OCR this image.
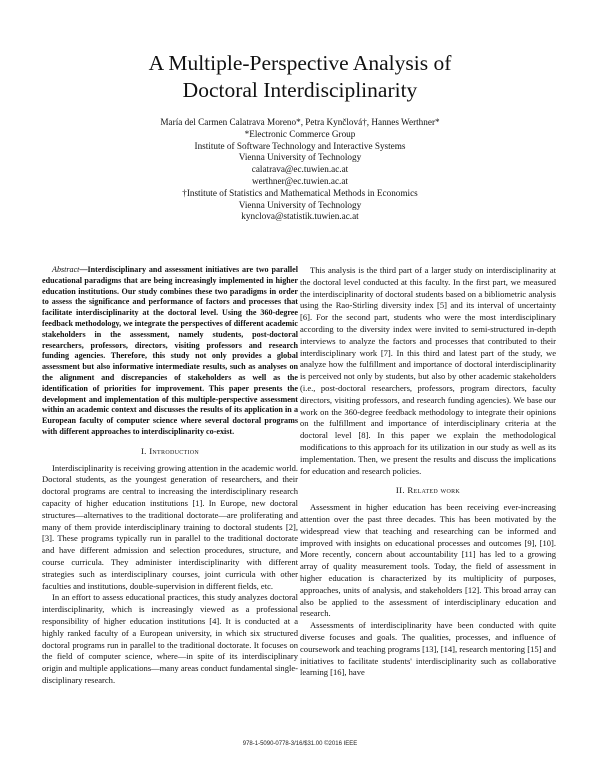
A Multiple-Perspective Analysis of
Doctoral Interdisciplinarity
María del Carmen Calatrava Moreno*, Petra Kynčlová†, Hannes Werthner*
*Electronic Commerce Group
Institute of Software Technology and Interactive Systems
Vienna University of Technology
calatrava@ec.tuwien.ac.at
werthner@ec.tuwien.ac.at
†Institute of Statistics and Mathematical Methods in Economics
Vienna University of Technology
kynclova@statistik.tuwien.ac.at
Abstract—Interdisciplinary and assessment initiatives are two parallel educational paradigms that are being increasingly implemented in higher education institutions. Our study combines these two paradigms in order to assess the significance and performance of factors and processes that facilitate interdisciplinarity at the doctoral level. Using the 360-degree feedback methodology, we integrate the perspectives of different academic stakeholders in the assessment, namely students, post-doctoral researchers, professors, directors, visiting professors and research funding agencies. Therefore, this study not only provides a global assessment but also informative intermediate results, such as analyses on the alignment and discrepancies of stakeholders as well as the identification of priorities for improvement. This paper presents the development and implementation of this multiple-perspective assessment within an academic context and discusses the results of its application in a European faculty of computer science where several doctoral programs with different approaches to interdisciplinarity co-exist.
I. Introduction

Interdisciplinarity is receiving growing attention in the academic world. Doctoral students, as the youngest generation of researchers, and their doctoral programs are central to increasing the interdisciplinary research capacity of higher education institutions [1]. In Europe, new doctoral structures—alternatives to the traditional doctorate—are proliferating and many of them provide interdisciplinary training to doctoral students [2], [3]. These programs typically run in parallel to the traditional doctorate and have different admission and selection procedures, structure, and course curricula. They administer interdisciplinarity with different strategies such as interdisciplinary courses, joint curricula with other faculties and institutions, double-supervision in different fields, etc.

In an effort to assess educational practices, this study analyzes doctoral interdisciplinarity, which is increasingly viewed as a professional responsibility of higher education institutions [4]. It is conducted at a highly ranked faculty of a European university, in which six structured doctoral programs run in parallel to the traditional doctorate. It focuses on the field of computer science, where—in spite of its interdisciplinary origin and multiple applications—many areas conduct fundamental single-disciplinary research.

This analysis is the third part of a larger study on interdisciplinarity at the doctoral level conducted at this faculty. In the first part, we measured the interdisciplinarity of doctoral students based on a bibliometric analysis using the Rao-Stirling diversity index [5] and its interval of uncertainty [6]. For the second part, students who were the most interdisciplinary according to the diversity index were invited to semi-structured in-depth interviews to analyze the factors and processes that contributed to their interdisciplinary work [7]. In this third and latest part of the study, we analyze how the fulfillment and importance of doctoral interdisciplinarity is perceived not only by students, but also by other academic stakeholders (i.e., post-doctoral researchers, professors, program directors, faculty directors, visiting professors, and research funding agencies). We base our work on the 360-degree feedback methodology to integrate their opinions on the fulfillment and importance of interdisciplinary criteria at the doctoral level [8]. In this paper we explain the methodological modifications to this approach for its utilization in our study as well as its implementation. Then, we present the results and discuss the implications for education and research policies.

II. Related work

Assessment in higher education has been receiving ever-increasing attention over the past three decades. This has been motivated by the widespread view that teaching and researching can be informed and improved with insights on educational processes and outcomes [9], [10]. More recently, concern about accountability [11] has led to a growing array of quality measurement tools. Today, the field of assessment in higher education is characterized by its multiplicity of purposes, approaches, units of analysis, and stakeholders [12]. This broad array can also be applied to the assessment of interdisciplinary education and research.

Assessments of interdisciplinarity have been conducted with quite diverse focuses and goals. The qualities, processes, and influence of coursework and teaching programs [13], [14], research mentoring [15] and initiatives to facilitate students' interdisciplinarity such as collaborative learning [16], have

978-1-5090-0778-3/16/$31.00 ©2016 IEEE
